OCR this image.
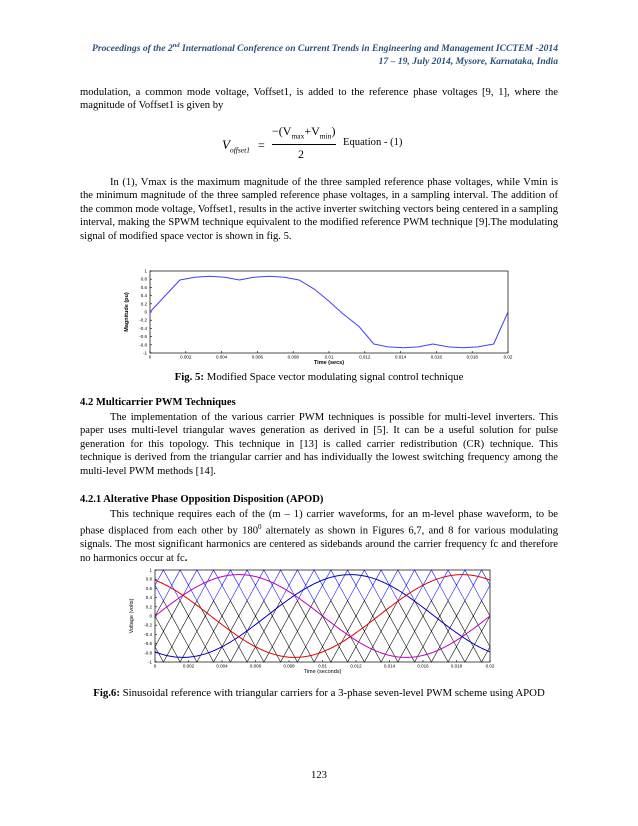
Proceedings of the 2nd International Conference on Current Trends in Engineering and Management ICCTEM -2014
17 – 19, July 2014, Mysore, Karnataka, India
modulation, a common mode voltage, Voffset1, is added to the reference phase voltages [9, 1], where the magnitude of Voffset1 is given by
$V_{offset1}$ =
$-(V_{max}+V_{min})$
2
Equation - (1)
In (1), Vmax is the maximum magnitude of the three sampled reference phase voltages, while Vmin is the minimum magnitude of the three sampled reference phase voltages, in a sampling interval. The addition of the common mode voltage, Voffset1, results in the active inverter switching vectors being centered in a sampling interval, making the SPWM technique equivalent to the modified reference PWM technique [9].The modulating signal of modified space vector is shown in fig. 5.
0	0.002	0.004	0.006	0.008	0.01	0.012	0.014	0.016	0.018	0.02
1
0.8
0.6
0.4
0.2
0
-0.2
-0.4
-0.6
-0.8
-1
Time (secs)
Magnitude (pu)
Fig. 5: Modified Space vector modulating signal control technique
4.2 Multicarrier PWM Techniques
The implementation of the various carrier PWM techniques is possible for multi-level inverters. This paper uses multi-level triangular waves generation as derived in [5]. It can be a useful solution for pulse generation for this topology. This technique in [13] is called carrier redistribution (CR) technique. This technique is derived from the triangular carrier and has individually the lowest switching frequency among the multi-level PWM methods [14].
4.2.1 Alterative Phase Opposition Disposition (APOD)
This technique requires each of the (m – 1) carrier waveforms, for an m-level phase waveform, to be phase displaced from each other by $180^0$ alternately as shown in Figures 6,7, and 8 for various modulating signals. The most significant harmonics are centered as sidebands around the carrier frequency fc and therefore no harmonics occur at fc.
0	0.002	0.004	0.006	0.008	0.01	0.012	0.014	0.016	0.018	0.02
1
0.8
0.6
0.4
0.2
0
-0.2
-0.4
-0.6
-0.8
-1
Time (seconds)
Voltage (volts)
Fig.6: Sinusoidal reference with triangular carriers for a 3-phase seven-level PWM scheme using APOD
123
